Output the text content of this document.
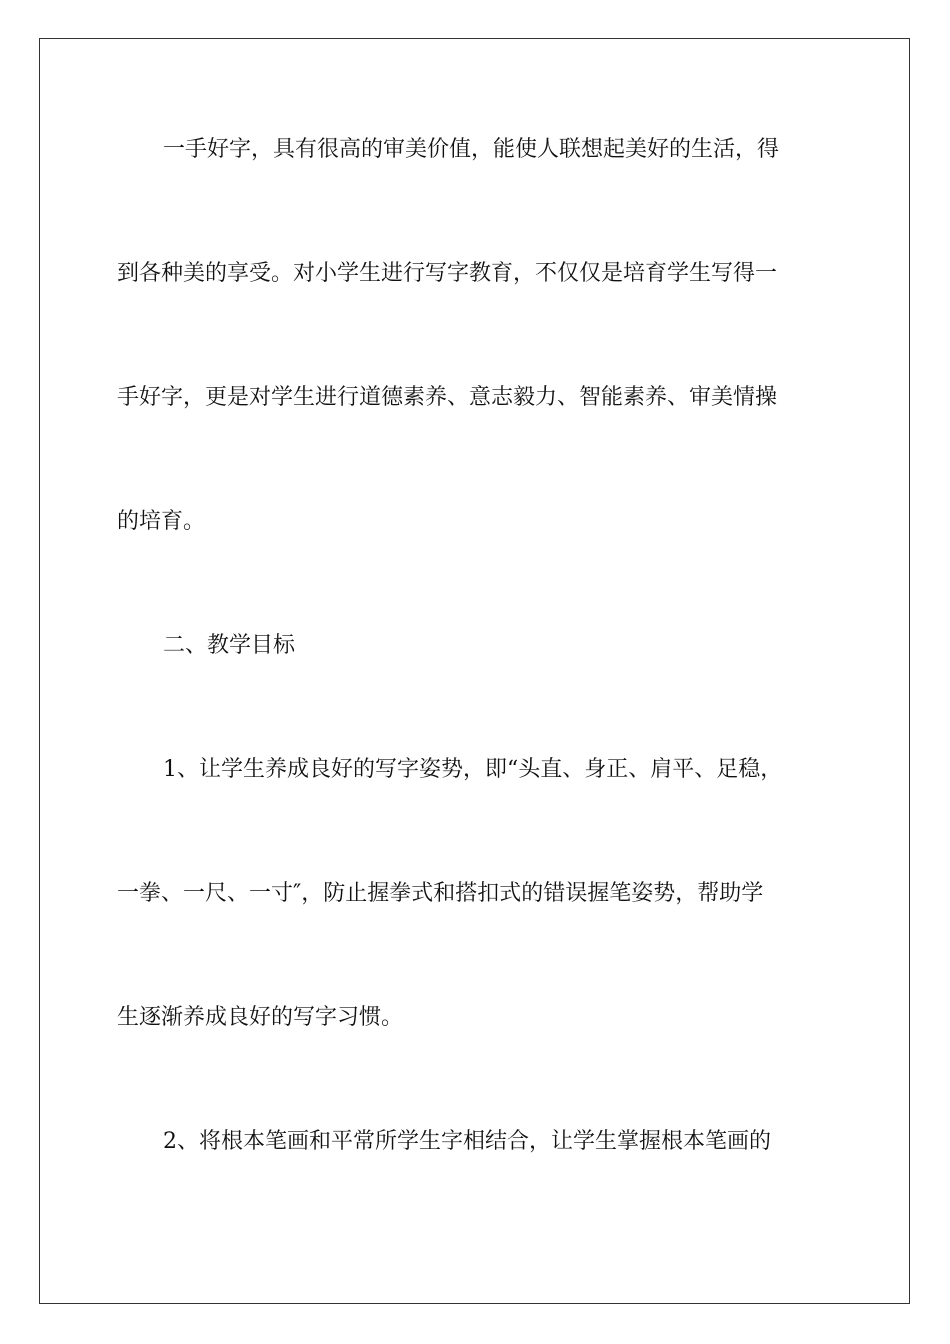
一手好字，具有很高的审美价值，能使人联想起美好的生活，得
到各种美的享受。对小学生进行写字教育，不仅仅是培育学生写得一
手好字，更是对学生进行道德素养、意志毅力、智能素养、审美情操
的培育。
二、教学目标
1、让学生养成良好的写字姿势，即“头直、身正、肩平、足稳，
一拳、一尺、一寸″，防止握拳式和搭扣式的错误握笔姿势，帮助学
生逐渐养成良好的写字习惯。
2、将根本笔画和平常所学生字相结合，让学生掌握根本笔画的
